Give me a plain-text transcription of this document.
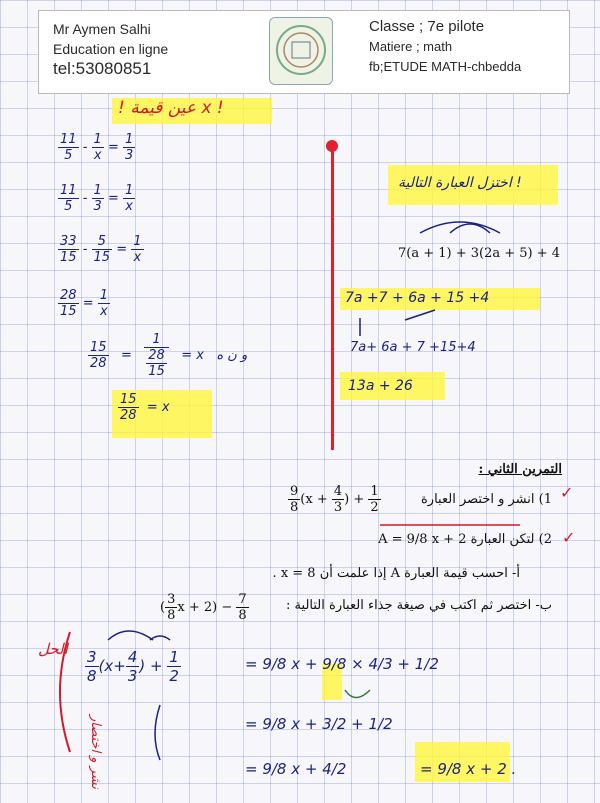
Mr Aymen Salhi
Education en ligne
tel:53080851
Classe ; 7e pilote
Matiere ; math
fb;ETUDE MATH-chbedda
! عين قيمة x !
$\frac{11}{5} - \frac{1}{x} = \frac{1}{3}$
$\frac{11}{5} - \frac{1}{3} = \frac{1}{x}$
$\frac{33}{15} - \frac{5}{15} = \frac{1}{x}$
$\frac{28}{15} = \frac{1}{x}$
$\frac{15}{28} = 1$
28
15 = x و ن ه
$\frac{15}{28} = x$
! اختزل العبارة التالية
7(a + 1) + 3(2a + 5) + 4
7a +7 + 6a + 15 +4
7a+ 6a + 7 +15+4
13a + 26
التمرين الثاني :
$\frac{9}{8} (x + \frac{4}{3}$ ) + $\frac{1}{2}$	1) انشر و اختصر العبارة
2) لتكن العبارة A = 9/8 x + 2
أ- احسب قيمة العبارة A إذا علمت أن x = 8 .
ب- اختصر ثم اكتب في صيغة جذاء العبارة التالية :
( $\frac{3}{8}$ $x + 2) - \frac{7}{8}$
✓
✓
الحل
نشر و اختصار
$\frac{3}{8} (x+ \frac{4}{3}$ ) + $\frac{1}{2}$	= 9/8 x + 9/8 × 4/3 + 1/2
= 9/8 x + 3/2 + 1/2
= 9/8 x + 4/2	= 9/8 x + 2 .
